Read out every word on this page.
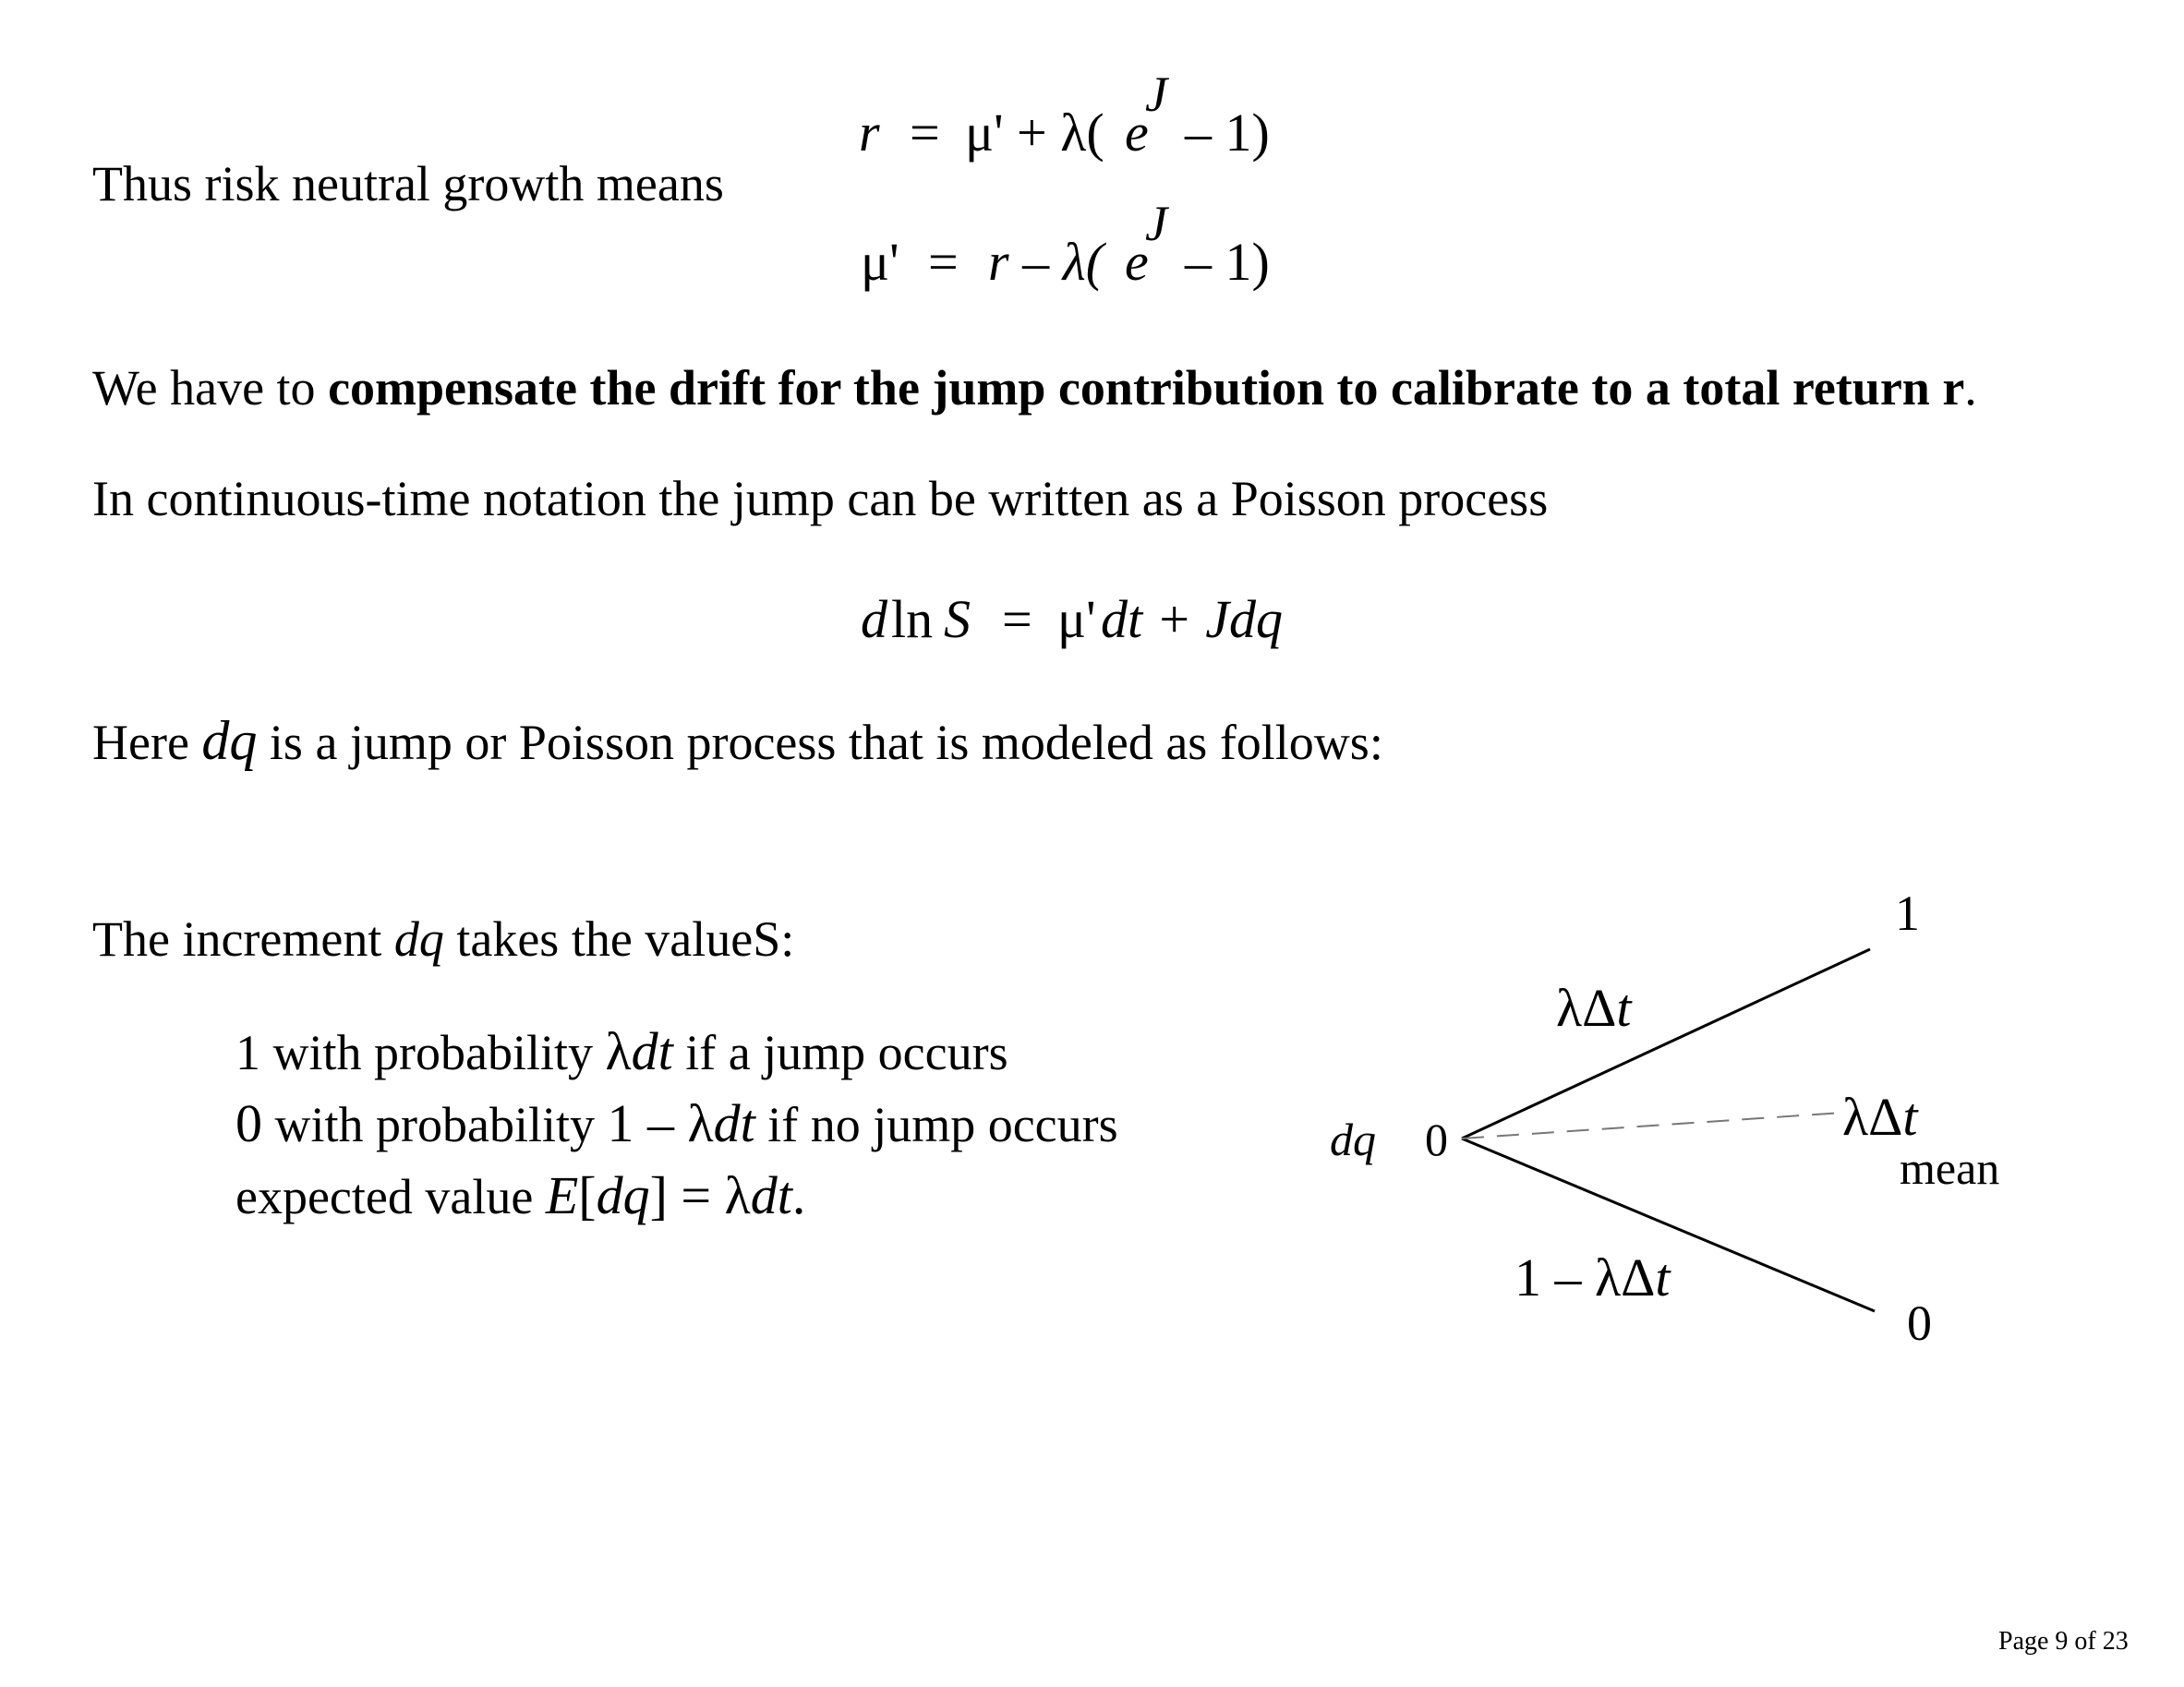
Thus risk neutral growth means
r = μ' + λ( e
J
– 1)
μ' = r – λ( e
J
– 1)
We have to compensate the drift for the jump contribution to calibrate to a total return r.
In continuous-time notation the jump can be written as a Poisson process
d ln S = μ' dt + Jdq
Here dq is a jump or Poisson process that is modeled as follows:
The increment dq takes the valueS:
1 with probability λdt if a jump occurs
0 with probability 1 – λdt if no jump occurs
expected value E[dq] = λdt.
dq 0
1
0
λΔt
λΔt
mean
1 – λΔt
Page 9 of 23
